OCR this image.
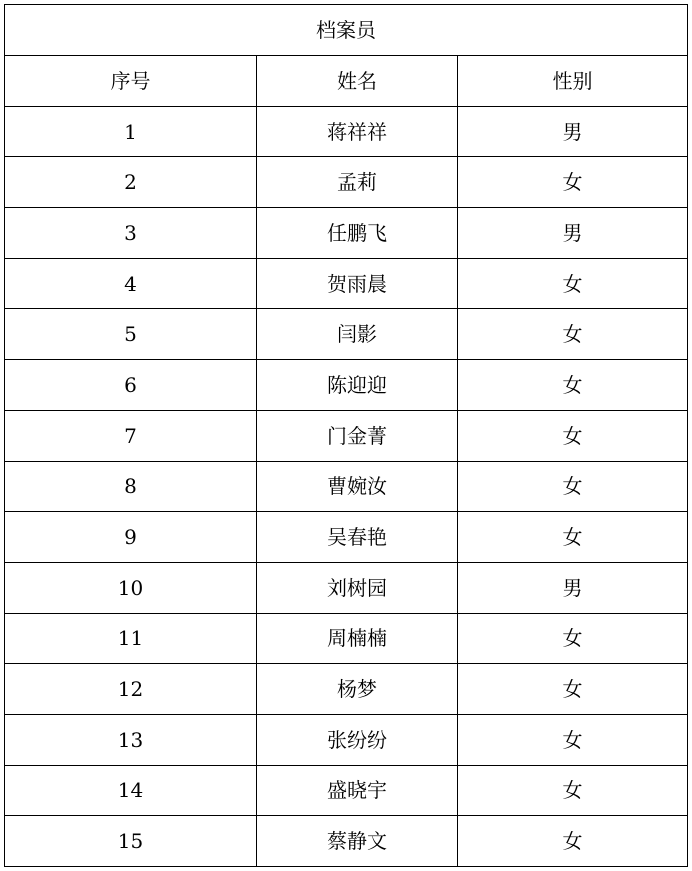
档案员		
序号	姓名	性别
1	蒋祥祥	男
2	孟莉	女
3	任鹏飞	男
4	贺雨晨	女
5	闫影	女
6	陈迎迎	女
7	门金菁	女
8	曹婉汝	女
9	吴春艳	女
10	刘树园	男
11	周楠楠	女
12	杨梦	女
13	张纷纷	女
14	盛晓宇	女
15	蔡静文	女
